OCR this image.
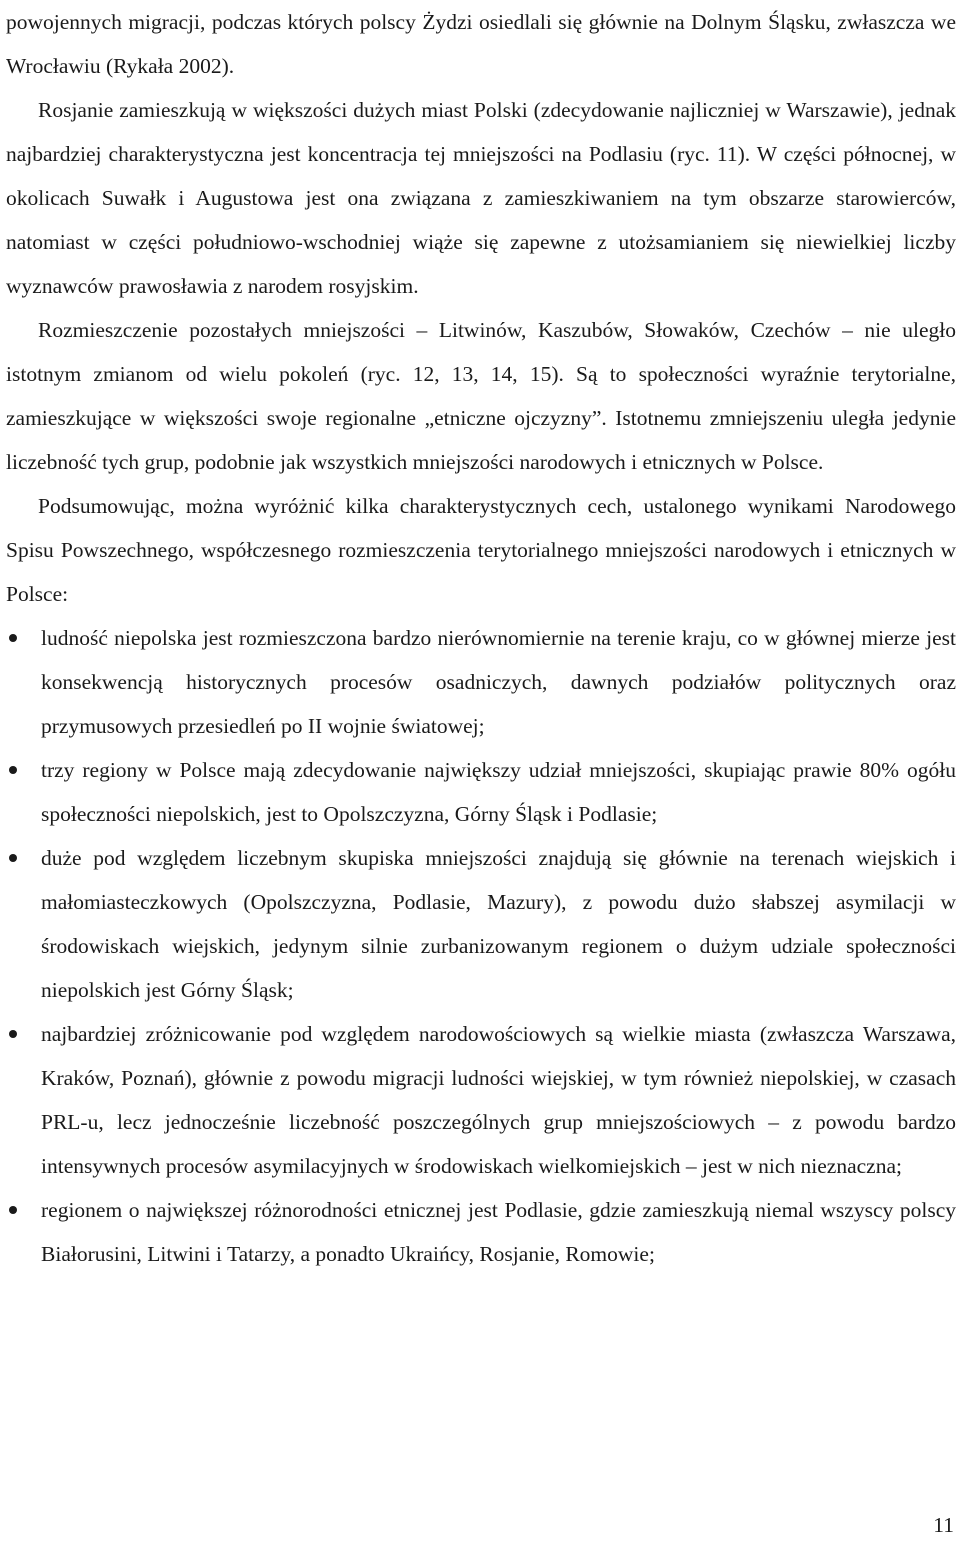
powojennych migracji, podczas których polscy Żydzi osiedlali się głównie na Dolnym Śląsku, zwłaszcza we Wrocławiu (Rykała 2002).

Rosjanie zamieszkują w większości dużych miast Polski (zdecydowanie najliczniej w Warszawie), jednak najbardziej charakterystyczna jest koncentracja tej mniejszości na Podlasiu (ryc. 11). W części północnej, w okolicach Suwałk i Augustowa jest ona związana z zamieszkiwaniem na tym obszarze starowierców, natomiast w części południowo-wschodniej wiąże się zapewne z utożsamianiem się niewielkiej liczby wyznawców prawosławia z narodem rosyjskim.

Rozmieszczenie pozostałych mniejszości – Litwinów, Kaszubów, Słowaków, Czechów – nie uległo istotnym zmianom od wielu pokoleń (ryc. 12, 13, 14, 15). Są to społeczności wyraźnie terytorialne, zamieszkujące w większości swoje regionalne „etniczne ojczyzny”. Istotnemu zmniejszeniu uległa jedynie liczebność tych grup, podobnie jak wszystkich mniejszości narodowych i etnicznych w Polsce.

Podsumowując, można wyróżnić kilka charakterystycznych cech, ustalonego wynikami Narodowego Spisu Powszechnego, współczesnego rozmieszczenia terytorialnego mniejszości narodowych i etnicznych w Polsce:

ludność niepolska jest rozmieszczona bardzo nierównomiernie na terenie kraju, co w głównej mierze jest konsekwencją historycznych procesów osadniczych, dawnych podziałów politycznych oraz przymusowych przesiedleń po II wojnie światowej;
trzy regiony w Polsce mają zdecydowanie największy udział mniejszości, skupiając prawie 80% ogółu społeczności niepolskich, jest to Opolszczyzna, Górny Śląsk i Podlasie;
duże pod względem liczebnym skupiska mniejszości znajdują się głównie na terenach wiejskich i małomiasteczkowych (Opolszczyzna, Podlasie, Mazury), z powodu dużo słabszej asymilacji w środowiskach wiejskich, jedynym silnie zurbanizowanym regionem o dużym udziale społeczności niepolskich jest Górny Śląsk;
najbardziej zróżnicowanie pod względem narodowościowych są wielkie miasta (zwłaszcza Warszawa, Kraków, Poznań), głównie z powodu migracji ludności wiejskiej, w tym również niepolskiej, w czasach PRL-u, lecz jednocześnie liczebność poszczególnych grup mniejszościowych – z powodu bardzo intensywnych procesów asymilacyjnych w środowiskach wielkomiejskich – jest w nich nieznaczna;
regionem o największej różnorodności etnicznej jest Podlasie, gdzie zamieszkują niemal wszyscy polscy Białorusini, Litwini i Tatarzy, a ponadto Ukraińcy, Rosjanie, Romowie;
11
